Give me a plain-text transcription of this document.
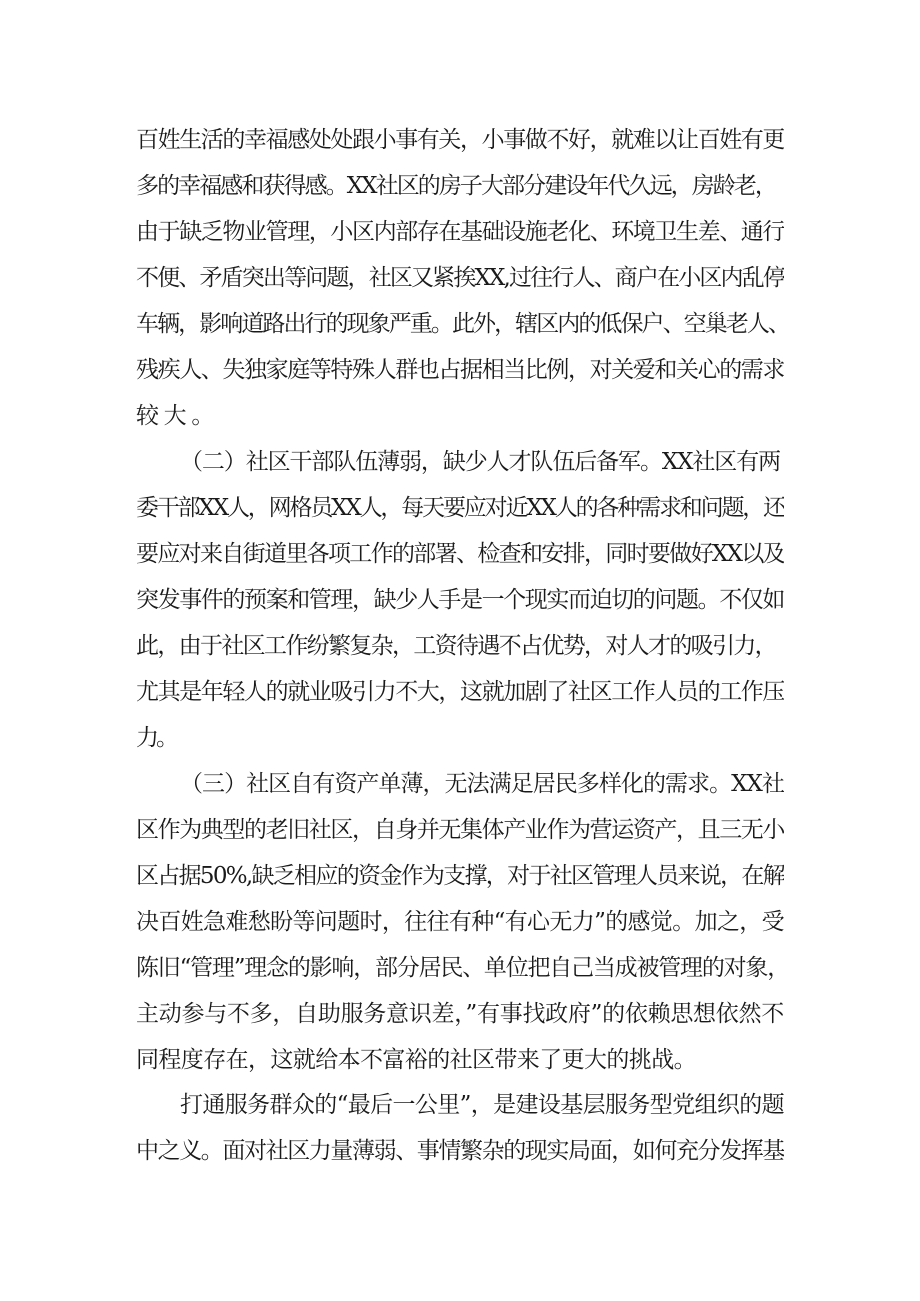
百姓生活的幸福感处处跟小事有关，小事做不好，就难以让百姓有更
多的幸福感和获得感。XX社区的房子大部分建设年代久远，房龄老，
由于缺乏物业管理，小区内部存在基础设施老化、环境卫生差、通行
不便、矛盾突出等问题，社区又紧挨XX,过往行人、商户在小区内乱停
车辆，影响道路出行的现象严重。此外，辖区内的低保户、空巢老人、
残疾人、失独家庭等特殊人群也占据相当比例，对关爱和关心的需求
较大。
（二）社区干部队伍薄弱，缺少人才队伍后备军。XX社区有两
委干部XX人，网格员XX人，每天要应对近XX人的各种需求和问题，还
要应对来自街道里各项工作的部署、检查和安排，同时要做好XX以及
突发事件的预案和管理，缺少人手是一个现实而迫切的问题。不仅如
此，由于社区工作纷繁复杂，工资待遇不占优势，对人才的吸引力，
尤其是年轻人的就业吸引力不大，这就加剧了社区工作人员的工作压
力。
（三）社区自有资产单薄，无法满足居民多样化的需求。XX社
区作为典型的老旧社区，自身并无集体产业作为营运资产，且三无小
区占据50%,缺乏相应的资金作为支撑，对于社区管理人员来说，在解
决百姓急难愁盼等问题时，往往有种“有心无力”的感觉。加之，受
陈旧“管理”理念的影响，部分居民、单位把自己当成被管理的对象，
主动参与不多，自助服务意识差，”有事找政府”的依赖思想依然不
同程度存在，这就给本不富裕的社区带来了更大的挑战。
打通服务群众的“最后一公里”，是建设基层服务型党组织的题
中之义。面对社区力量薄弱、事情繁杂的现实局面，如何充分发挥基
